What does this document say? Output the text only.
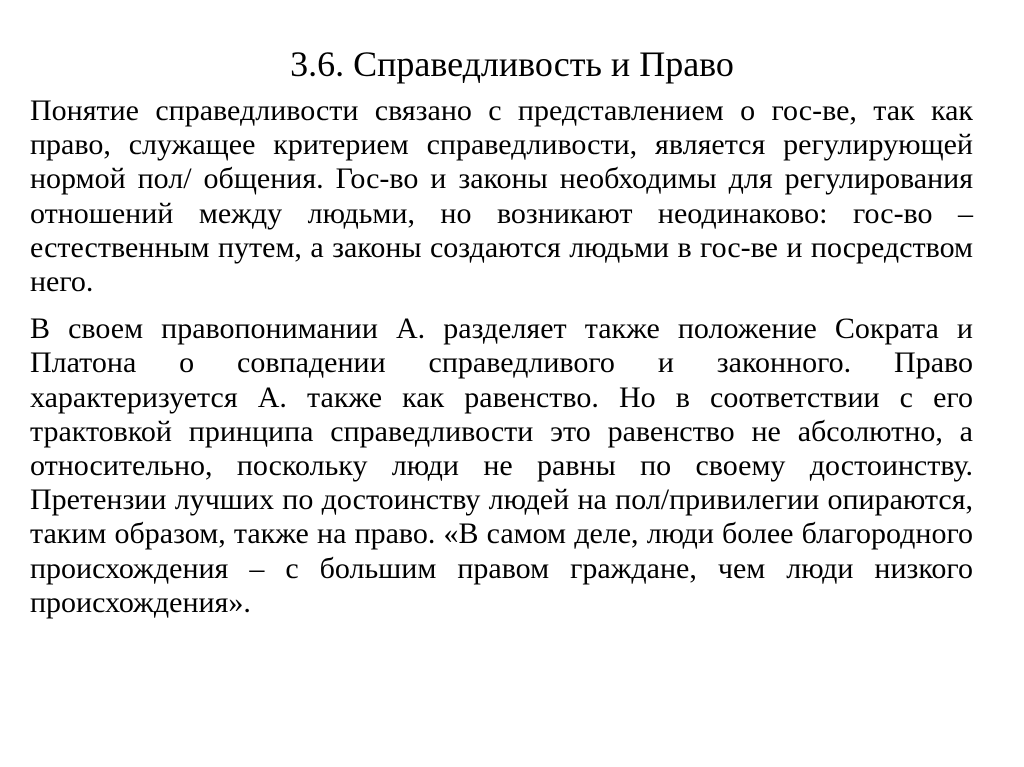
3.6. Справедливость и Право

Понятие справедливости связано с представлением о гос-ве, так как право, служащее критерием справедливости, является регулирующей нормой пол/ общения. Гос-во и законы необходимы для регулирования отношений между людьми, но возникают неодинаково: гос-во – естественным путем, а законы создаются людьми в гос-ве и посредством него.

В своем правопонимании А. разделяет также положение Сократа и Платона о совпадении справедливого и законного. Право характеризуется А. также как равенство. Но в соответствии с его трактовкой принципа справедливости это равенство не абсолютно, а относительно, поскольку люди не равны по своему достоинству. Претензии лучших по достоинству людей на пол/привилегии опираются, таким образом, также на право. «В самом деле, люди более благородного происхождения – с большим правом граждане, чем люди низкого происхождения».
